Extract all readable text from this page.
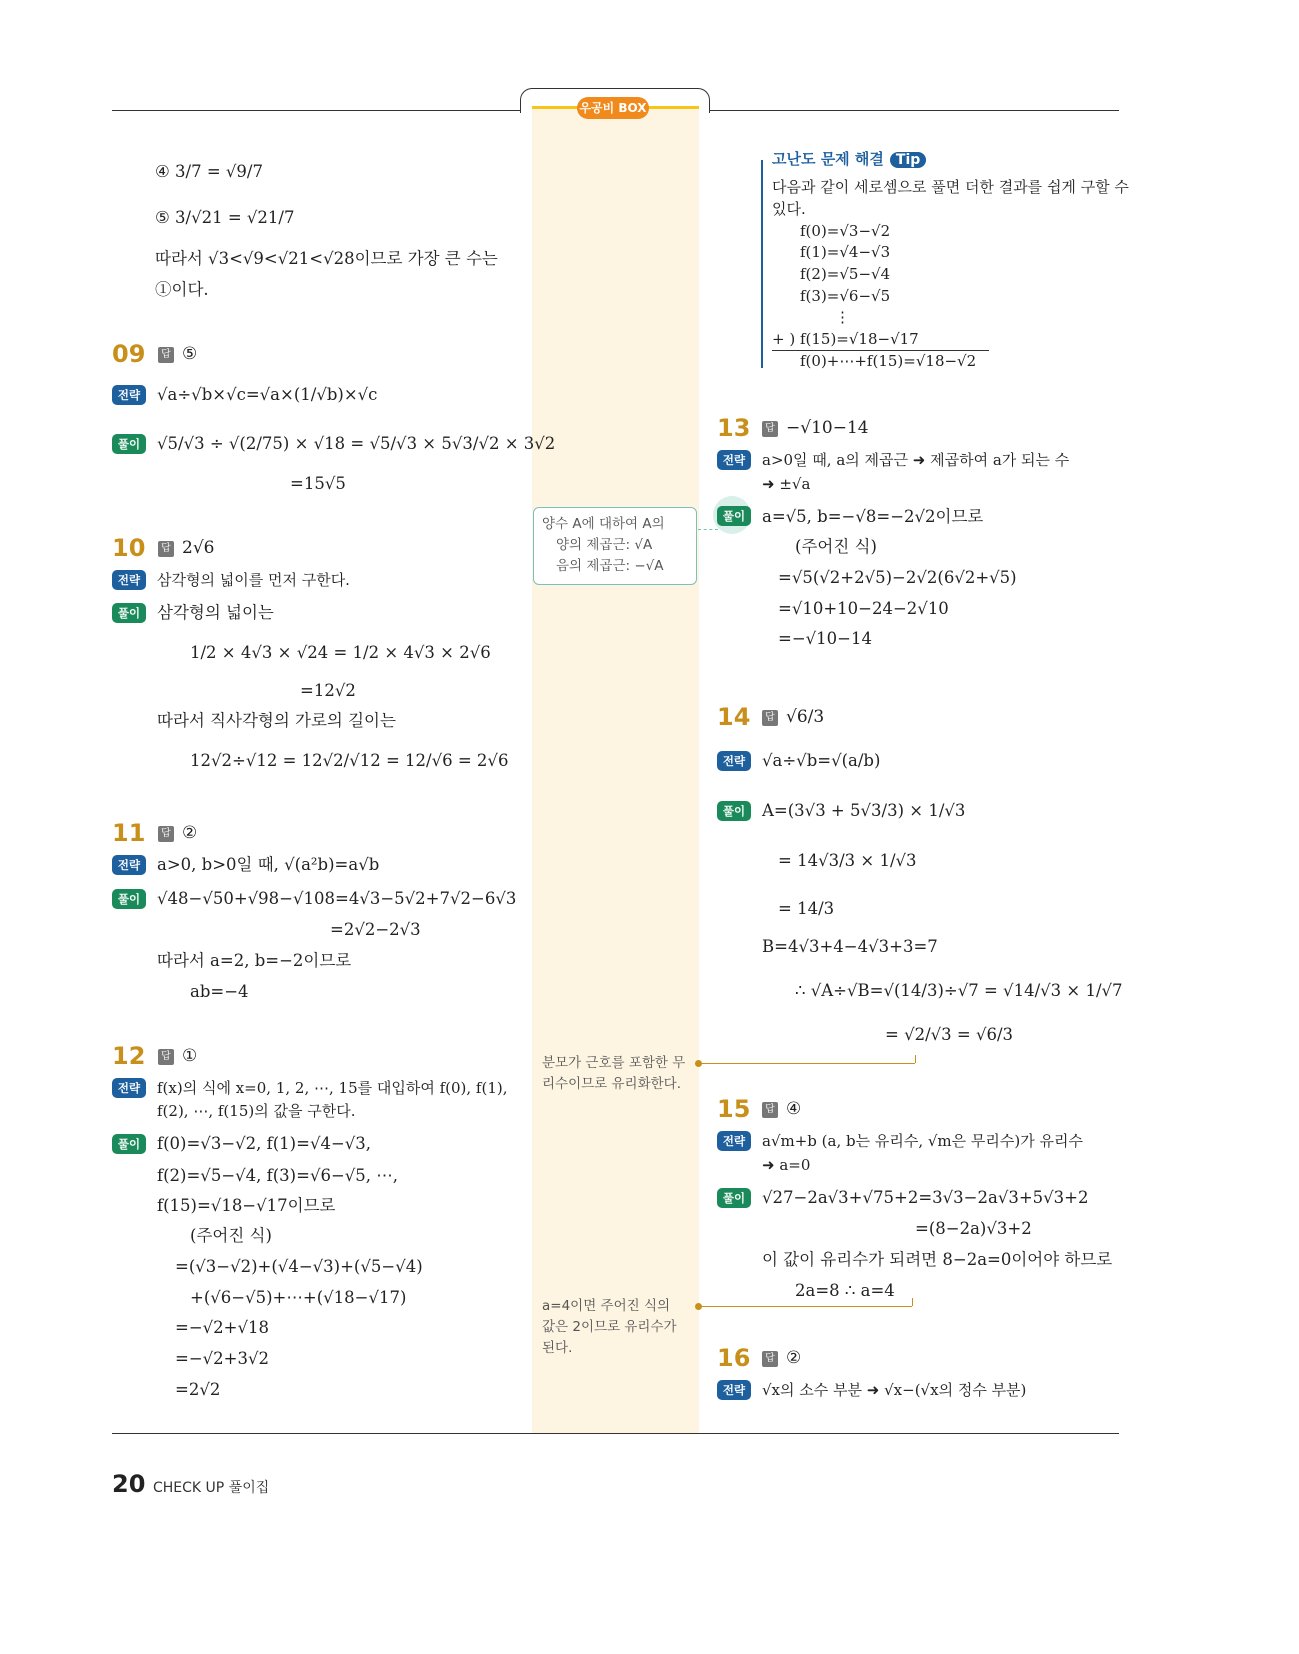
우공비 BOX
④ 3/7 = √9/7
⑤ 3/√21 = √21/7
따라서 √3<√9<√21<√28이므로 가장 큰 수는
①이다.
09	답 ⑤
전략	√a÷√b×√c=√a×(1/√b)×√c
풀이	√5/√3 ÷ √(2/75) × √18 = √5/√3 × 5√3/√2 × 3√2
=15√5
10	답 2√6
전략	삼각형의 넓이를 먼저 구한다.
풀이	삼각형의 넓이는
1/2 × 4√3 × √24 = 1/2 × 4√3 × 2√6
=12√2
따라서 직사각형의 가로의 길이는
12√2÷√12 = 12√2/√12 = 12/√6 = 2√6
11	답 ②
전략	a>0, b>0일 때, √(a²b)=a√b
풀이	√48−√50+√98−√108=4√3−5√2+7√2−6√3
=2√2−2√3
따라서 a=2, b=−2이므로
ab=−4
12	답 ①
전략	f(x)의 식에 x=0, 1, 2, ⋯, 15를 대입하여 f(0), f(1),
f(2), ⋯, f(15)의 값을 구한다.
풀이	f(0)=√3−√2, f(1)=√4−√3,
f(2)=√5−√4, f(3)=√6−√5, ⋯,
f(15)=√18−√17이므로
(주어진 식)
=(√3−√2)+(√4−√3)+(√5−√4)
+(√6−√5)+⋯+(√18−√17)
=−√2+√18
=−√2+3√2
=2√2
양수 A에 대하여 A의
양의 제곱근: √A
음의 제곱근: −√A
풀이
분모가 근호를 포함한 무
리수이므로 유리화한다.
a=4이면 주어진 식의
값은 2이므로 유리수가
된다.
고난도 문제 해결 Tip
다음과 같이 세로셈으로 풀면 더한 결과를 쉽게 구할 수
있다.
f(0)=√3−√2
f(1)=√4−√3
f(2)=√5−√4
f(3)=√6−√5
⋮
+ ) f(15)=√18−√17
f(0)+⋯+f(15)=√18−√2
13	답 −√10−14
전략	a>0일 때, a의 제곱근 ➜ 제곱하여 a가 되는 수
➜ ±√a
a=√5, b=−√8=−2√2이므로
(주어진 식)
=√5(√2+2√5)−2√2(6√2+√5)
=√10+10−24−2√10
=−√10−14
14	답 √6/3
전략	√a÷√b=√(a/b)
풀이	A=(3√3 + 5√3/3) × 1/√3
= 14√3/3 × 1/√3
= 14/3
B=4√3+4−4√3+3=7
∴ √A÷√B=√(14/3)÷√7 = √14/√3 × 1/√7
= √2/√3 = √6/3
15	답 ④
전략	a√m+b (a, b는 유리수, √m은 무리수)가 유리수
➜ a=0
풀이	√27−2a√3+√75+2=3√3−2a√3+5√3+2
=(8−2a)√3+2
이 값이 유리수가 되려면 8−2a=0이어야 하므로
2a=8 ∴ a=4
16	답 ②
전략	√x의 소수 부분 ➜ √x−(√x의 정수 부분)
20 CHECK UP 풀이집
